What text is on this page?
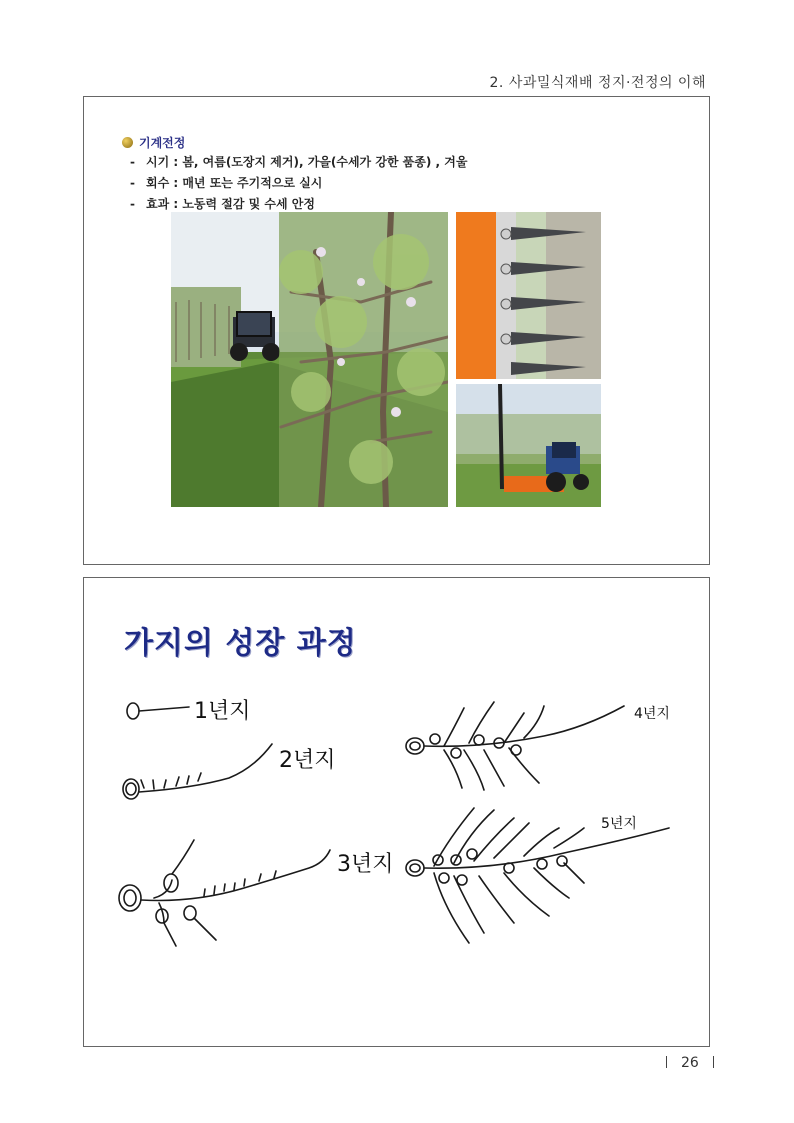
2. 사과밀식재배 정지·전정의 이해
기계전정
- 시기 : 봄, 여름(도장지 제거), 가을(수세가 강한 품종) , 겨울
- 회수 : 매년 또는 주기적으로 실시
- 효과 : 노동력 절감 및 수세 안정
가지의 성장 과정
1년지
2년지
3년지
4년지
5년지
26
